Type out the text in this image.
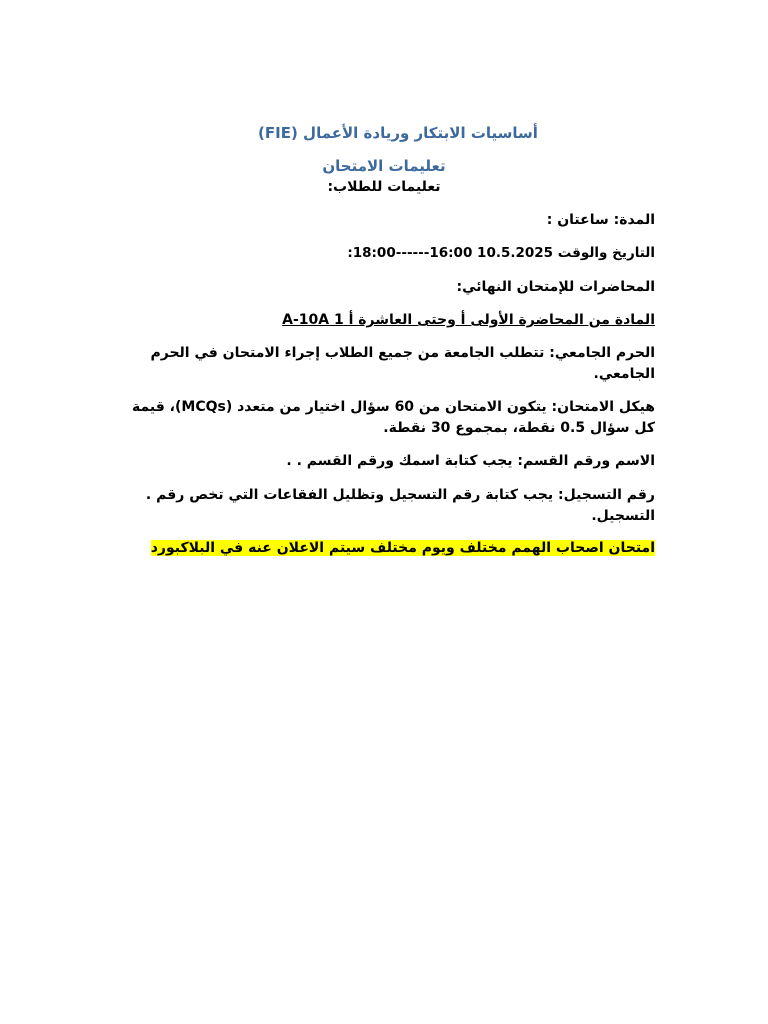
أساسيات الابتكار وريادة الأعمال (FIE)
تعليمات الامتحان
تعليمات للطلاب:
المدة: ساعتان :
التاريخ والوقت 10.5.2025 16:00------18:00:
المحاضرات للإمتحان النهائي:
المادة من المحاضرة الأولى أ وحتى العاشرة أ 1 A-10A
الحرم الجامعي: تتطلب الجامعة من جميع الطلاب إجراء الامتحان في الحرم الجامعي.
هيكل الامتحان: يتكون الامتحان من 60 سؤال اختيار من متعدد (MCQs)، قيمة كل سؤال 0.5 نقطة، بمجموع 30 نقطة.
الاسم ورقم القسم: يجب كتابة اسمك ورقم القسم . .
رقم التسجيل: يجب كتابة رقم التسجيل وتظليل الفقاعات التي تخص رقم . التسجيل.
امتحان اصحاب الهمم مختلف ويوم مختلف سيتم الاعلان عنه في البلاكبورد
